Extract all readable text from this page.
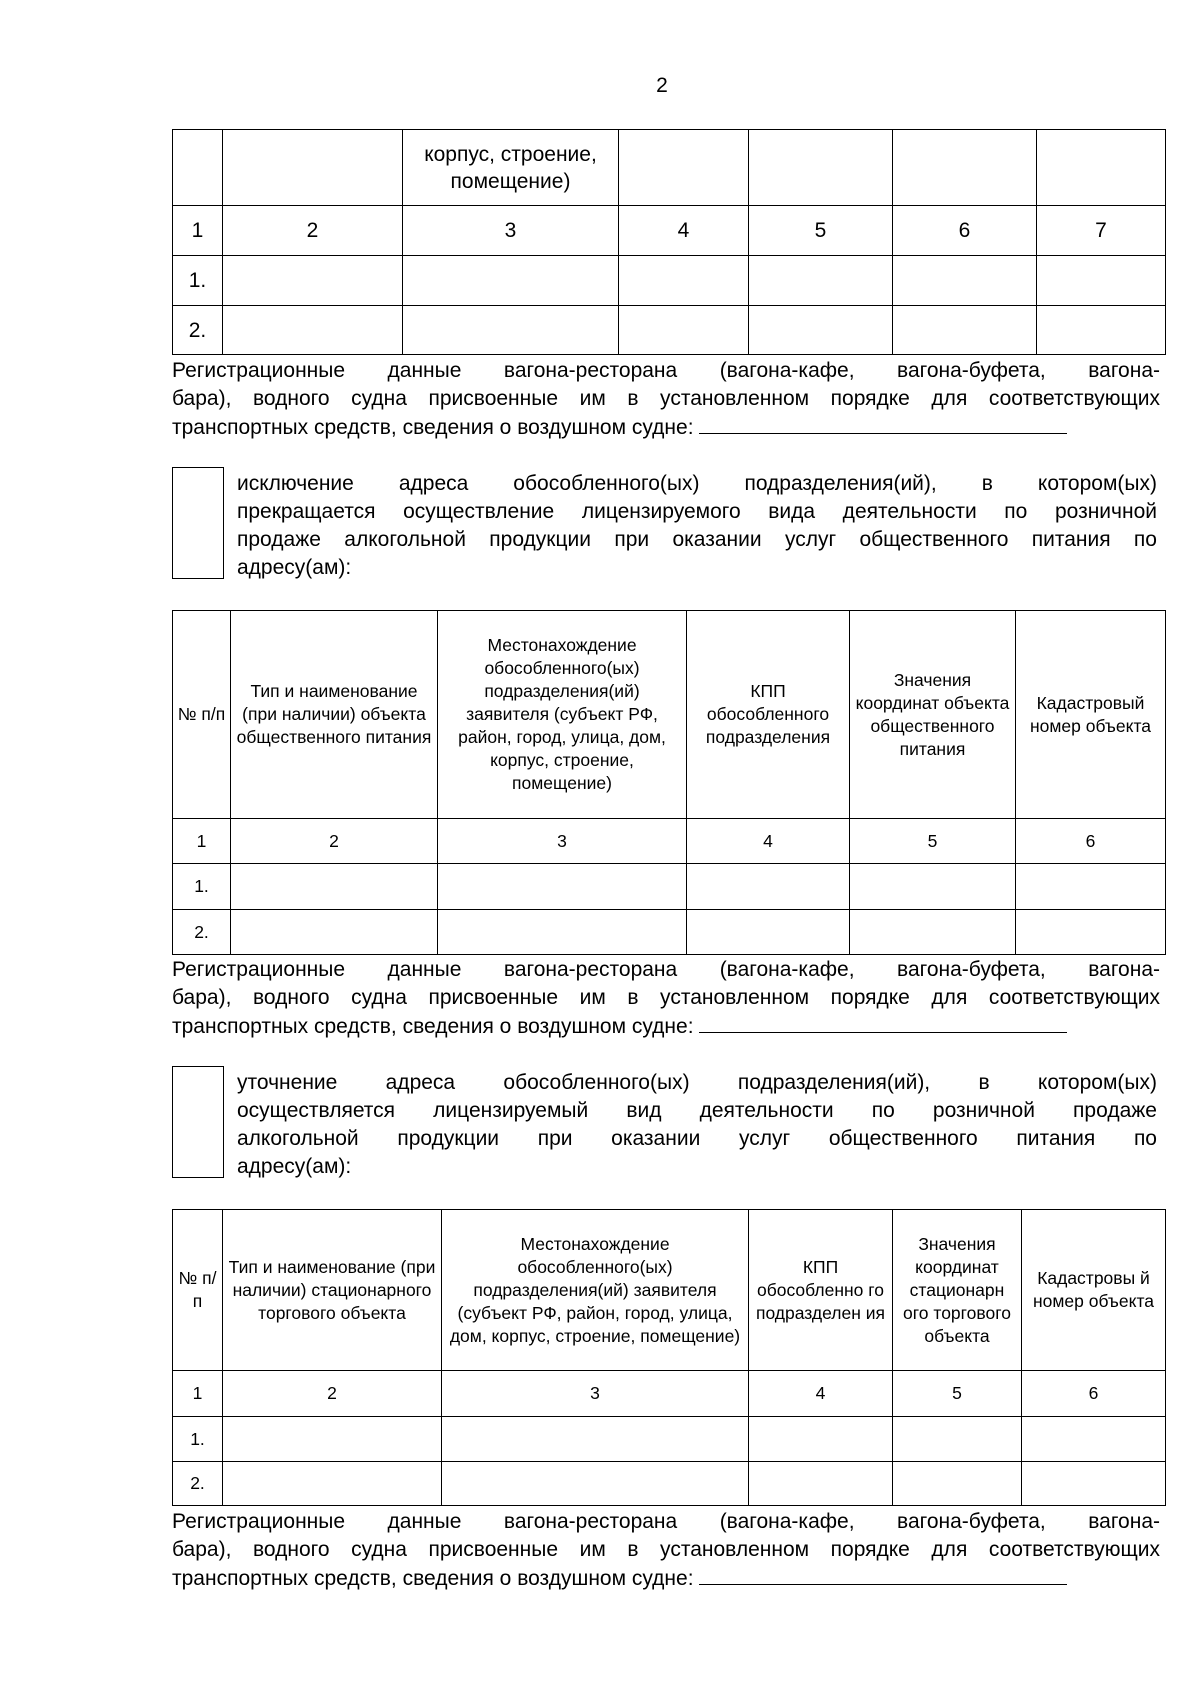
2
		корпус, строение, помещение)				
1	2	3	4	5	6	7
1.						
2.						
Регистрационные данные вагона-ресторана (вагона-кафе, вагона-буфета, вагона-
бара), водного судна присвоенные им в установленном порядке для соответствующих
транспортных средств, сведения о воздушном судне:
исключение адреса обособленного(ых) подразделения(ий), в котором(ых)
прекращается осуществление лицензируемого вида деятельности по розничной
продаже алкогольной продукции при оказании услуг общественного питания по
адресу(ам):
№ п/п	Тип и наименование (при наличии) объекта общественного питания	Местонахождение обособленного(ых) подразделения(ий) заявителя (субъект РФ, район, город, улица, дом, корпус, строение, помещение)	КПП обособленного подразделения	Значения координат объекта общественного питания	Кадастровый номер объекта
1	2	3	4	5	6
1.					
2.					
Регистрационные данные вагона-ресторана (вагона-кафе, вагона-буфета, вагона-
бара), водного судна присвоенные им в установленном порядке для соответствующих
транспортных средств, сведения о воздушном судне:
уточнение адреса обособленного(ых) подразделения(ий), в котором(ых)
осуществляется лицензируемый вид деятельности по розничной продаже
алкогольной продукции при оказании услуг общественного питания по
адресу(ам):
№ п/п	Тип и наименование (при наличии) стационарного торгового объекта	Местонахождение обособленного(ых) подразделения(ий) заявителя (субъект РФ, район, город, улица, дом, корпус, строение, помещение)	КПП обособленно го подразделен ия	Значения координат стационарн ого торгового объекта	Кадастровы й номер объекта
1	2	3	4	5	6
1.					
2.					
Регистрационные данные вагона-ресторана (вагона-кафе, вагона-буфета, вагона-
бара), водного судна присвоенные им в установленном порядке для соответствующих
транспортных средств, сведения о воздушном судне:
